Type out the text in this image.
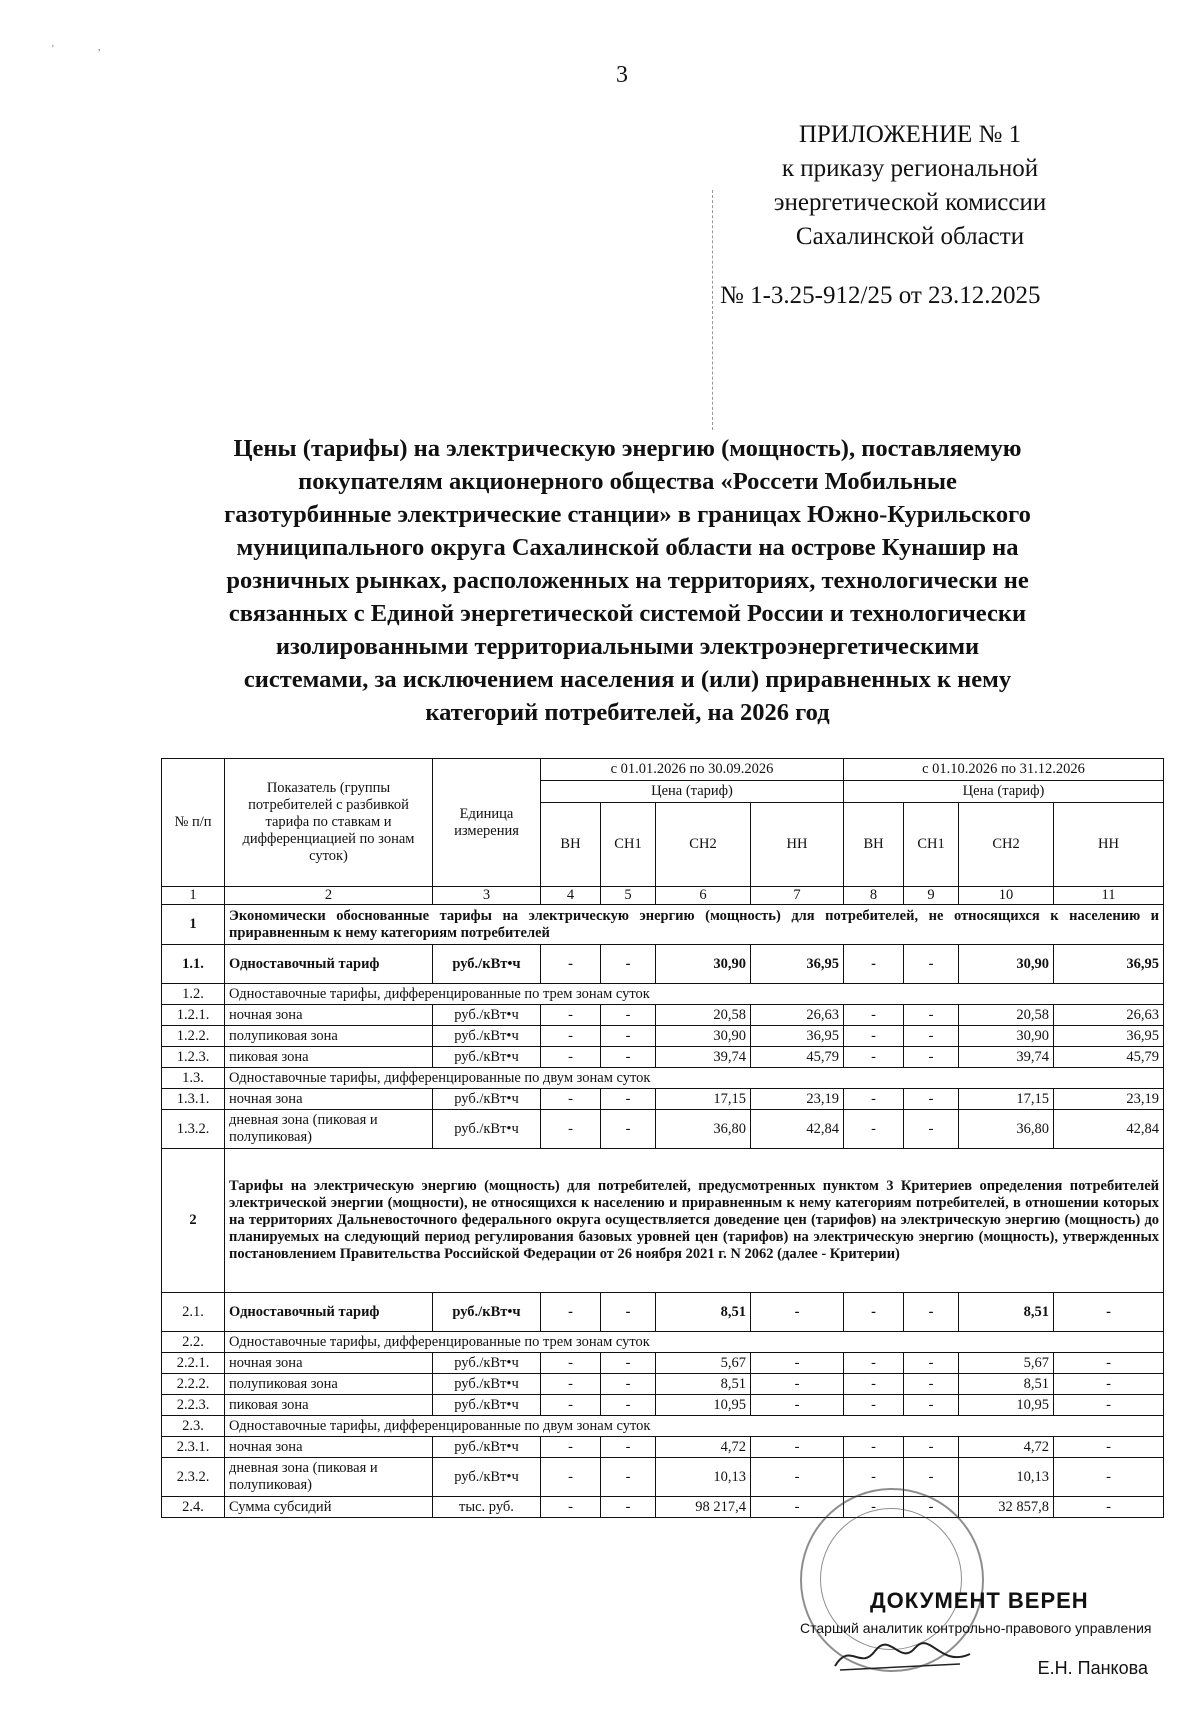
'	,
3
ПРИЛОЖЕНИЕ № 1
к приказу региональной
энергетической комиссии
Сахалинской области
№ 1-3.25-912/25 от 23.12.2025
Цены (тарифы) на электрическую энергию (мощность), поставляемую
покупателям акционерного общества «Россети Мобильные
газотурбинные электрические станции» в границах Южно-Курильского
муниципального округа Сахалинской области на острове Кунашир на
розничных рынках, расположенных на территориях, технологически не
связанных с Единой энергетической системой России и технологически
изолированными территориальными электроэнергетическими
системами, за исключением населения и (или) приравненных к нему
категорий потребителей, на 2026 год
№ п/п	Показатель (группы потребителей с разбивкой тарифа по ставкам и дифференциацией по зонам суток)	Единица измерения	с 01.01.2026 по 30.09.2026				с 01.10.2026 по 31.12.2026			
			Цена (тариф)				Цена (тариф)			
			ВН	СН1	СН2	НН	ВН	СН1	СН2	НН
1	2	3	4	5	6	7	8	9	10	11
1	Экономически обоснованные тарифы на электрическую энергию (мощность) для потребителей, не относящихся к населению и приравненным к нему категориям потребителей									
1.1.	Одноставочный тариф	руб./кВт•ч	-	-	30,90	36,95	-	-	30,90	36,95
1.2.	Одноставочные тарифы, дифференцированные по трем зонам суток									
1.2.1.	ночная зона	руб./кВт•ч	-	-	20,58	26,63	-	-	20,58	26,63
1.2.2.	полупиковая зона	руб./кВт•ч	-	-	30,90	36,95	-	-	30,90	36,95
1.2.3.	пиковая зона	руб./кВт•ч	-	-	39,74	45,79	-	-	39,74	45,79
1.3.	Одноставочные тарифы, дифференцированные по двум зонам суток									
1.3.1.	ночная зона	руб./кВт•ч	-	-	17,15	23,19	-	-	17,15	23,19
1.3.2.	дневная зона (пиковая и полупиковая)	руб./кВт•ч	-	-	36,80	42,84	-	-	36,80	42,84
2	Тарифы на электрическую энергию (мощность) для потребителей, предусмотренных пунктом 3 Критериев определения потребителей электрической энергии (мощности), не относящихся к населению и приравненным к нему категориям потребителей, в отношении которых на территориях Дальневосточного федерального округа осуществляется доведение цен (тарифов) на электрическую энергию (мощность) до планируемых на следующий период регулирования базовых уровней цен (тарифов) на электрическую энергию (мощность), утвержденных постановлением Правительства Российской Федерации от 26 ноября 2021 г. N 2062 (далее - Критерии)									
2.1.	Одноставочный тариф	руб./кВт•ч	-	-	8,51	-	-	-	8,51	-
2.2.	Одноставочные тарифы, дифференцированные по трем зонам суток									
2.2.1.	ночная зона	руб./кВт•ч	-	-	5,67	-	-	-	5,67	-
2.2.2.	полупиковая зона	руб./кВт•ч	-	-	8,51	-	-	-	8,51	-
2.2.3.	пиковая зона	руб./кВт•ч	-	-	10,95	-	-	-	10,95	-
2.3.	Одноставочные тарифы, дифференцированные по двум зонам суток									
2.3.1.	ночная зона	руб./кВт•ч	-	-	4,72	-	-	-	4,72	-
2.3.2.	дневная зона (пиковая и полупиковая)	руб./кВт•ч	-	-	10,13	-	-	-	10,13	-
2.4.	Сумма субсидий	тыс. руб.	-	-	98 217,4	-	-	-	32 857,8	-
ДОКУМЕНТ ВЕРЕН
Старший аналитик контрольно-правового управления
Е.Н. Панкова
